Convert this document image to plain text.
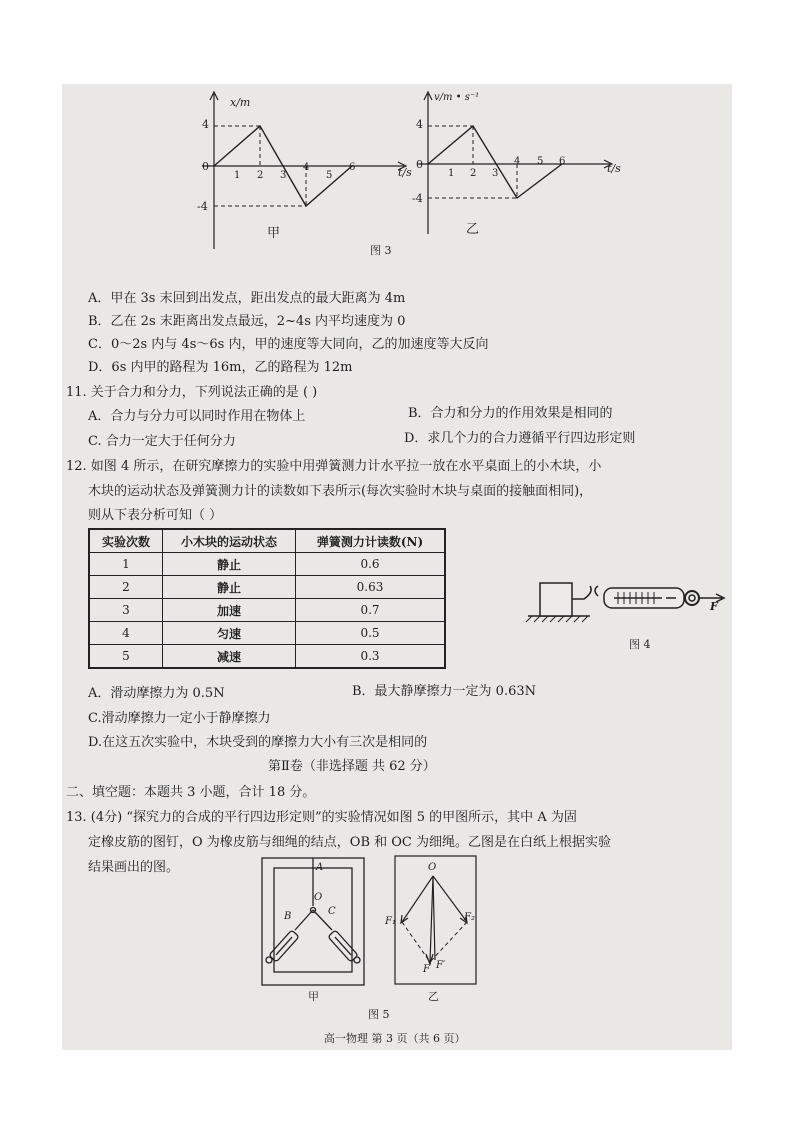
x/m
t/s
4
0
-4
1 2 3
4
5
6
甲
v/m • s⁻¹
t/s
4
0
-4
1 2 3
4 5 6
乙
图 3
A．甲在 3s 末回到出发点，距出发点的最大距离为 4m
B．乙在 2s 末距离出发点最远，2~4s 内平均速度为 0
C．0～2s 内与 4s～6s 内，甲的速度等大同向，乙的加速度等大反向
D．6s 内甲的路程为 16m，乙的路程为 12m
11. 关于合力和分力，下列说法正确的是 ( )
A．合力与分力可以同时作用在物体上	B．合力和分力的作用效果是相同的
C. 合力一定大于任何分力	D．求几个力的合力遵循平行四边形定则
12. 如图 4 所示，在研究摩擦力的实验中用弹簧测力计水平拉一放在水平桌面上的小木块，小
木块的运动状态及弹簧测力计的读数如下表所示(每次实验时木块与桌面的接触面相同)，
则从下表分析可知（ ）
实验次数	小木块的运动状态	弹簧测力计读数(N)
1	静止	0.6
2	静止	0.63
3	加速	0.7
4	匀速	0.5
5	减速	0.3
F
图 4
A．滑动摩擦力为 0.5N	B．最大静摩擦力一定为 0.63N
C.滑动摩擦力一定小于静摩擦力
D.在这五次实验中，木块受到的摩擦力大小有三次是相同的
第Ⅱ卷（非选择题 共 62 分）
二、填空题：本题共 3 小题，合计 18 分。
13. (4分) “探究力的合成的平行四边形定则”的实验情况如图 5 的甲图所示，其中 A 为固
定橡皮筋的图钉，O 为橡皮筋与细绳的结点，OB 和 OC 为细绳。乙图是在白纸上根据实验
结果画出的图。	A
O
B	C
甲
O
F₁	F₂
F F′
乙
图 5
高一物理 第 3 页（共 6 页）
